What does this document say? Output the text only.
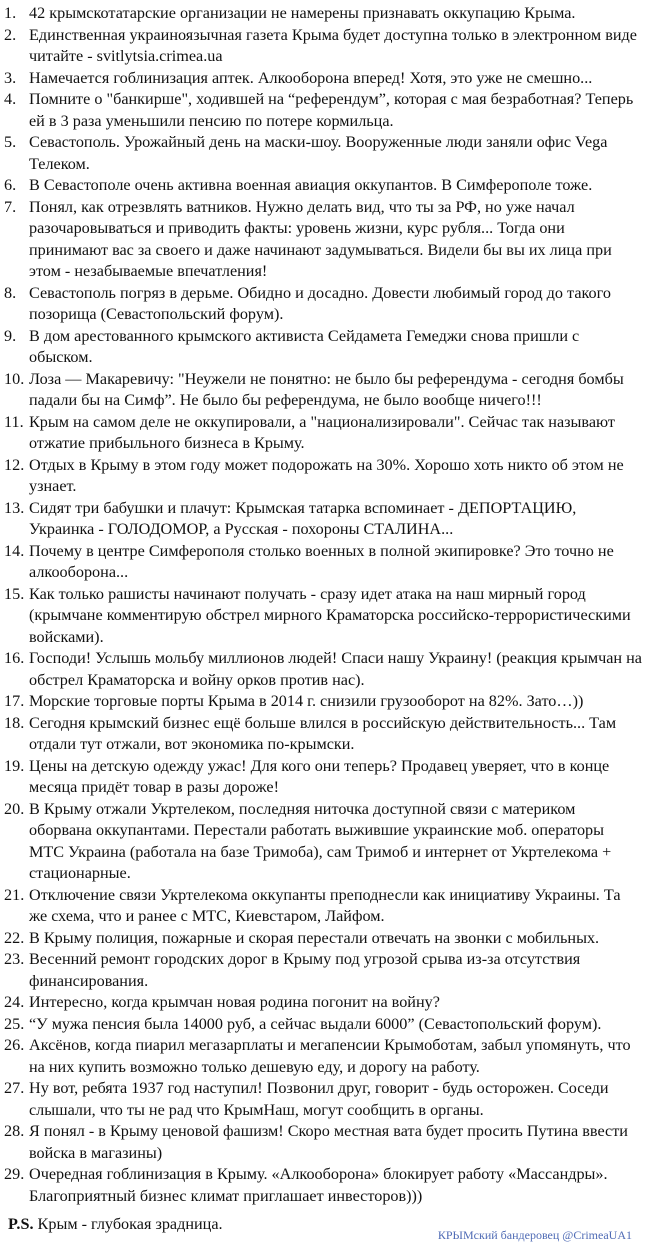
1. 42 крымскотатарские организации не намерены признавать оккупацию Крыма.
2. Единственная украиноязычная газета Крыма будет доступна только в электронном виде читайте - svitlytsia.crimea.ua
3. Намечается гоблинизация аптек. Алкооборона вперед! Хотя, это уже не смешно...
4. Помните о "банкирше", ходившей на “референдум”, которая с мая безработная? Теперь ей в 3 раза уменьшили пенсию по потере кормильца.
5. Севастополь. Урожайный день на маски-шоу. Вооруженные люди заняли офис Vega Телеком.
6. В Севастополе очень активна военная авиация оккупантов. В Симферополе тоже.
7. Понял, как отрезвлять ватников. Нужно делать вид, что ты за РФ, но уже начал разочаровываться и приводить факты: уровень жизни, курс рубля... Тогда они принимают вас за своего и даже начинают задумываться. Видели бы вы их лица при этом - незабываемые впечатления!
8. Севастополь погряз в дерьме. Обидно и досадно. Довести любимый город до такого позорища (Севастопольский форум).
9. В дом арестованного крымского активиста Сейдамета Гемеджи снова пришли с обыском.
10. Лоза — Макаревичу: "Неужели не понятно: не было бы референдума - сегодня бомбы падали бы на Симф”. Не было бы референдума, не было вообще ничего!!!
11. Крым на самом деле не оккупировали, а "национализировали". Сейчас так называют отжатие прибыльного бизнеса в Крыму.
12. Отдых в Крыму в этом году может подорожать на 30%. Хорошо хоть никто об этом не узнает.
13. Сидят три бабушки и плачут: Крымская татарка вспоминает - ДЕПОРТАЦИЮ, Украинка - ГОЛОДОМОР, а Русская - похороны СТАЛИНА...
14. Почему в центре Симферополя столько военных в полной экипировке? Это точно не алкооборона...
15. Как только рашисты начинают получать - сразу идет атака на наш мирный город (крымчане комментирую обстрел мирного Краматорска российско-террористическими войсками).
16. Господи! Услышь мольбу миллионов людей! Спаси нашу Украину! (реакция крымчан на обстрел Краматорска и войну орков против нас).
17. Морские торговые порты Крыма в 2014 г. снизили грузооборот на 82%. Зато…))
18. Сегодня крымский бизнес ещё больше влился в российскую действительность... Там отдали тут отжали, вот экономика по-крымски.
19. Цены на детскую одежду ужас! Для кого они теперь? Продавец уверяет, что в конце месяца придёт товар в разы дороже!
20. В Крыму отжали Укртелеком, последняя ниточка доступной связи с материком оборвана оккупантами. Перестали работать выжившие украинские моб. операторы МТС Украина (работала на базе Тримоба), сам Тримоб и интернет от Укртелекома + стационарные.
21. Отключение связи Укртелекома оккупанты преподнесли как инициативу Украины. Та же схема, что и ранее с МТС, Киевстаром, Лайфом.
22. В Крыму полиция, пожарные и скорая перестали отвечать на звонки с мобильных.
23. Весенний ремонт городских дорог в Крыму под угрозой срыва из-за отсутствия финансирования.
24. Интересно, когда крымчан новая родина погонит на войну?
25. “У мужа пенсия была 14000 руб, а сейчас выдали 6000” (Севастопольский форум).
26. Аксёнов, когда пиарил мегазарплаты и мегапенсии Крымоботам, забыл упомянуть, что на них купить возможно только дешевую еду, и дорогу на работу.
27. Ну вот, ребята 1937 год наступил! Позвонил друг, говорит - будь осторожен. Соседи слышали, что ты не рад что КрымНаш, могут сообщить в органы.
28. Я понял - в Крыму ценовой фашизм! Скоро местная вата будет просить Путина ввести войска в магазины)
29. Очередная гоблинизация в Крыму. «Алкооборона» блокирует работу «Массандры». Благоприятный бизнес климат приглашает инвесторов)))
P.S. Крым - глубокая зрадница.
КРЫМский бандеровец @CrimeaUA1
